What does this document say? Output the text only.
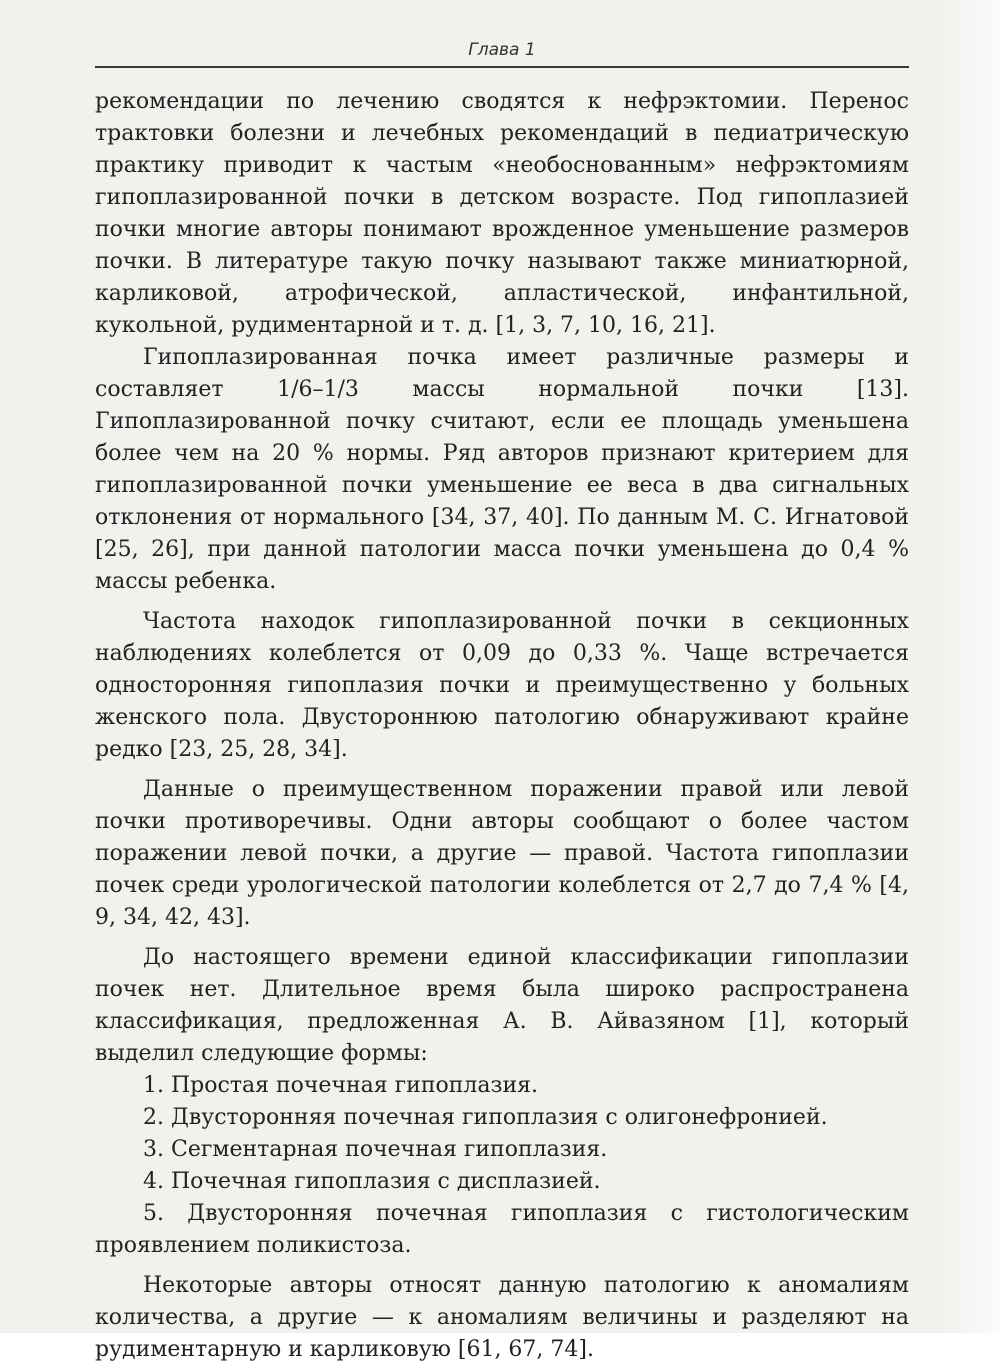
Глава 1

рекомендации по лечению сводятся к нефрэктомии. Перенос трактовки болезни и лечебных рекомендаций в педиатрическую практику приводит к частым «необоснованным» нефрэктомиям гипоплазированной почки в детском возрасте. Под гипоплазией почки многие авторы понимают врожденное уменьшение размеров почки. В литературе такую почку называют также миниатюрной, карликовой, атрофической, апластической, инфантильной, кукольной, рудиментарной и т. д. [1, 3, 7, 10, 16, 21].

Гипоплазированная почка имеет различные размеры и составляет 1/6–1/3 массы нормальной почки [13]. Гипоплазированной почку считают, если ее площадь уменьшена более чем на 20 % нормы. Ряд авторов признают критерием для гипоплазированной почки уменьшение ее веса в два сигнальных отклонения от нормального [34, 37, 40]. По данным М. С. Игнатовой [25, 26], при данной патологии масса почки уменьшена до 0,4 % массы ребенка.

Частота находок гипоплазированной почки в секционных наблюдениях колеблется от 0,09 до 0,33 %. Чаще встречается односторонняя гипоплазия почки и преимущественно у больных женского пола. Двустороннюю патологию обнаруживают крайне редко [23, 25, 28, 34].

Данные о преимущественном поражении правой или левой почки противоречивы. Одни авторы сообщают о более частом поражении левой почки, а другие — правой. Частота гипоплазии почек среди урологической патологии колеблется от 2,7 до 7,4 % [4, 9, 34, 42, 43].

До настоящего времени единой классификации гипоплазии почек нет. Длительное время была широко распространена классификация, предложенная А. В. Айвазяном [1], который выделил следующие формы:

1. Простая почечная гипоплазия.
2. Двусторонняя почечная гипоплазия с олигонефронией.
3. Сегментарная почечная гипоплазия.
4. Почечная гипоплазия с дисплазией.
5. Двусторонняя почечная гипоплазия с гистологическим проявлением поликистоза.

Некоторые авторы относят данную патологию к аномалиям количества, а другие — к аномалиям величины и разделяют на рудиментарную и карликовую [61, 67, 74].
